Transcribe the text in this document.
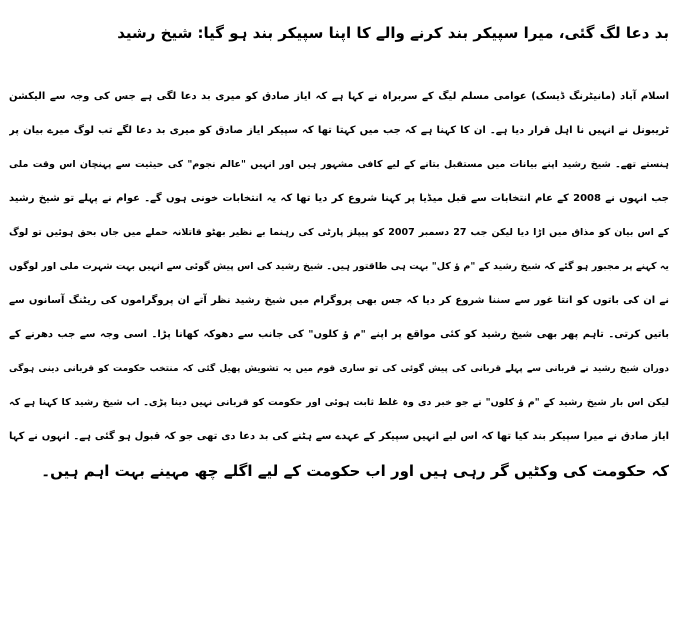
بد دعا لگ گئی، میرا سپیکر بند کرنے والے کا اپنا سپیکر بند ہو گیا: شیخ رشید
اسلام آباد (مانیٹرنگ ڈیسک) عوامی مسلم لیگ کے سربراہ نے کہا ہے کہ ایاز صادق کو میری بد دعا لگی ہے جس کی وجہ سے الیکشن
ٹریبونل نے انہیں نا اہل قرار دیا ہے۔ ان کا کہنا ہے کہ جب میں کہتا تھا کہ سپیکر ایاز صادق کو میری بد دعا لگے تب لوگ میرے بیان پر
ہنستے تھے۔ شیخ رشید اپنے بیانات میں مستقبل بتانے کے لیے کافی مشہور ہیں اور انہیں "عالم نجوم" کی حیثیت سے پہنچان اس وقت ملی
جب انہوں نے 2008 کے عام انتخابات سے قبل میڈیا پر کہنا شروع کر دیا تھا کہ یہ انتخابات خونی ہوں گے۔ عوام نے پہلے تو شیخ رشید
کے اس بیان کو مذاق میں اڑا دیا لیکن جب 27 دسمبر 2007 کو پیپلز پارٹی کی رہنما بے نظیر بھٹو قاتلانہ حملے میں جاں بحق ہوئیں تو لوگ
یہ کہنے پر مجبور ہو گئے کہ شیخ رشید کے "م ؤ کل" بہت ہی طاقتور ہیں۔ شیخ رشید کی اس پیش گوئی سے انہیں بہت شہرت ملی اور لوگوں
نے ان کی باتوں کو انتا غور سے سننا شروع کر دیا کہ جس بھی پروگرام میں شیخ رشید نظر آتے ان پروگراموں کی ریٹنگ آسانوں سے
باتیں کرتی۔ تاہم پھر بھی شیخ رشید کو کئی مواقع پر اپنے "م ؤ کلوں" کی جانب سے دھوکہ کھانا پڑا۔ اسی وجہ سے جب دھرنے کے
دوران شیخ رشید نے قربانی سے پہلے قربانی کی پیش گوئی کی تو ساری قوم میں یہ تشویش پھیل گئی کہ منتخب حکومت کو قربانی دینی ہوگی
لیکن اس بار شیخ رشید کے "م ؤ کلوں" نے جو خبر دی وہ غلط ثابت ہوئی اور حکومت کو قربانی نہیں دینا پڑی۔ اب شیخ رشید کا کہنا ہے کہ
ایاز صادق نے میرا سپیکر بند کیا تھا کہ اس لیے انہیں سپیکر کے عہدے سے ہٹنے کی بد دعا دی تھی جو کہ قبول ہو گئی ہے۔ انہوں نے کہا
کہ حکومت کی وکٹیں گر رہی ہیں اور اب حکومت کے لیے اگلے چھ مہینے بہت اہم ہیں۔
